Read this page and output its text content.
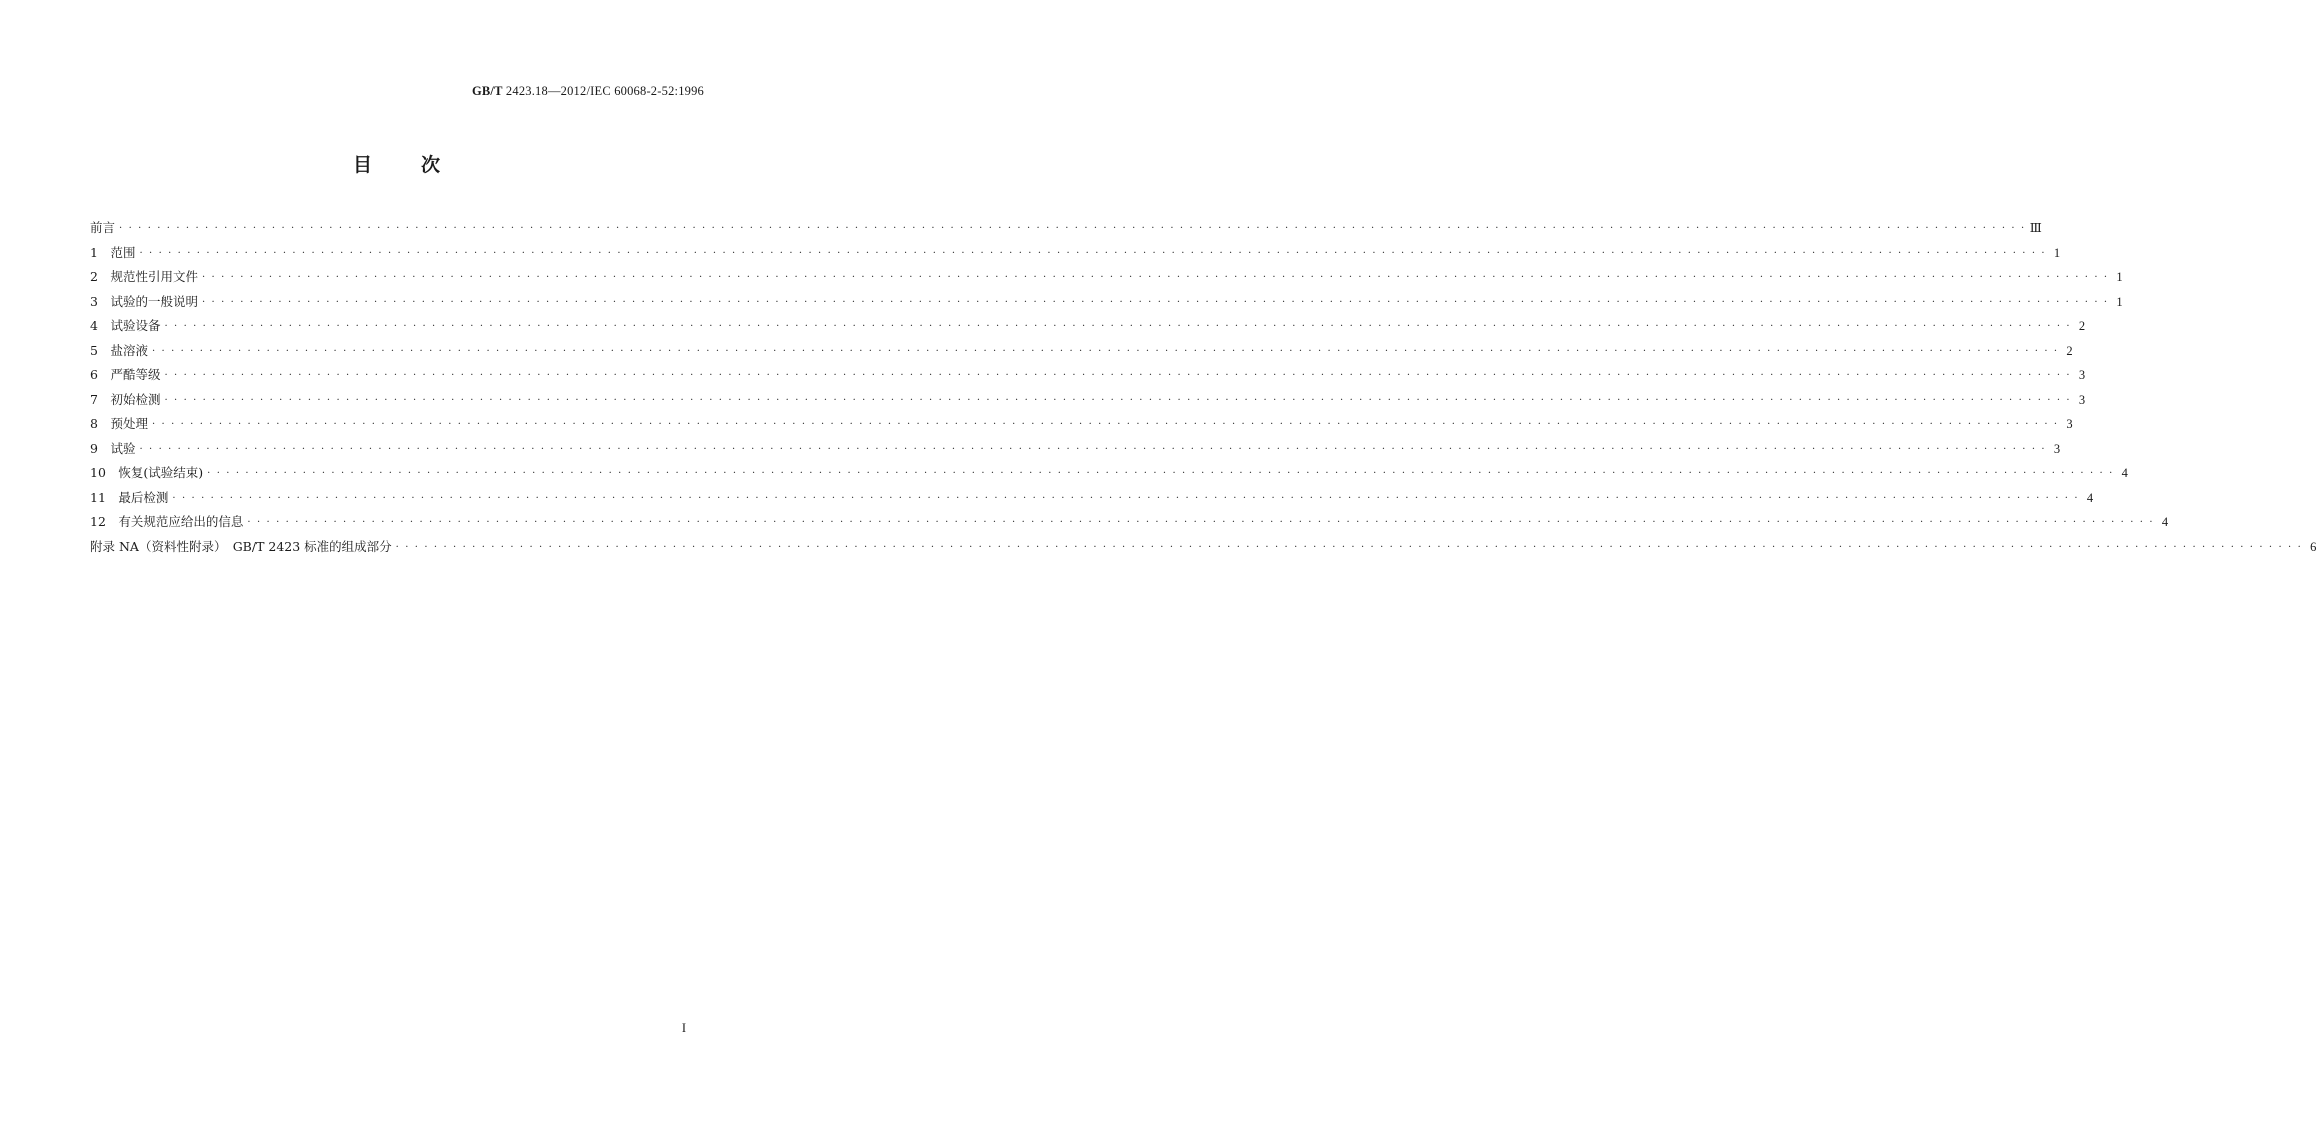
GB/T 2423.18—2012/IEC 60068-2-52:1996
目	次
前言 · · · · · · · · · · · · · · · · · · · · · · · · · · · · · · · · · · · · · · · · · · · · · · · · · · · · · · · · · · · · · · · · · · · · · · · · · · · · · · · · · · · · · · · · · · · · · · · · · · · · · · · · · · · · · · · · · · · · · · · · · · · · · · · · · · · · · · · · · · · · · · · · · · · · · · · · · · · · · · · · · · · · · · · · · · · · · · · · · · · · · · · · · · · · · · · · · · · · · · · · Ⅲ
1　范围 · · · · · · · · · · · · · · · · · · · · · · · · · · · · · · · · · · · · · · · · · · · · · · · · · · · · · · · · · · · · · · · · · · · · · · · · · · · · · · · · · · · · · · · · · · · · · · · · · · · · · · · · · · · · · · · · · · · · · · · · · · · · · · · · · · · · · · · · · · · · · · · · · · · · · · · · · · · · · · · · · · · · · · · · · · · · · · · · · · · · · · · · · · · · · · · · · · · · · · · · 1
2　规范性引用文件 · · · · · · · · · · · · · · · · · · · · · · · · · · · · · · · · · · · · · · · · · · · · · · · · · · · · · · · · · · · · · · · · · · · · · · · · · · · · · · · · · · · · · · · · · · · · · · · · · · · · · · · · · · · · · · · · · · · · · · · · · · · · · · · · · · · · · · · · · · · · · · · · · · · · · · · · · · · · · · · · · · · · · · · · · · · · · · · · · · · · · · · · · · · · · · · · · · · · · · · · 1
3　试验的一般说明 · · · · · · · · · · · · · · · · · · · · · · · · · · · · · · · · · · · · · · · · · · · · · · · · · · · · · · · · · · · · · · · · · · · · · · · · · · · · · · · · · · · · · · · · · · · · · · · · · · · · · · · · · · · · · · · · · · · · · · · · · · · · · · · · · · · · · · · · · · · · · · · · · · · · · · · · · · · · · · · · · · · · · · · · · · · · · · · · · · · · · · · · · · · · · · · · · · · · · · · · 1
4　试验设备 · · · · · · · · · · · · · · · · · · · · · · · · · · · · · · · · · · · · · · · · · · · · · · · · · · · · · · · · · · · · · · · · · · · · · · · · · · · · · · · · · · · · · · · · · · · · · · · · · · · · · · · · · · · · · · · · · · · · · · · · · · · · · · · · · · · · · · · · · · · · · · · · · · · · · · · · · · · · · · · · · · · · · · · · · · · · · · · · · · · · · · · · · · · · · · · · · · · · · · · · 2
5　盐溶液 · · · · · · · · · · · · · · · · · · · · · · · · · · · · · · · · · · · · · · · · · · · · · · · · · · · · · · · · · · · · · · · · · · · · · · · · · · · · · · · · · · · · · · · · · · · · · · · · · · · · · · · · · · · · · · · · · · · · · · · · · · · · · · · · · · · · · · · · · · · · · · · · · · · · · · · · · · · · · · · · · · · · · · · · · · · · · · · · · · · · · · · · · · · · · · · · · · · · · · · · 2
6　严酷等级 · · · · · · · · · · · · · · · · · · · · · · · · · · · · · · · · · · · · · · · · · · · · · · · · · · · · · · · · · · · · · · · · · · · · · · · · · · · · · · · · · · · · · · · · · · · · · · · · · · · · · · · · · · · · · · · · · · · · · · · · · · · · · · · · · · · · · · · · · · · · · · · · · · · · · · · · · · · · · · · · · · · · · · · · · · · · · · · · · · · · · · · · · · · · · · · · · · · · · · · · 3
7　初始检测 · · · · · · · · · · · · · · · · · · · · · · · · · · · · · · · · · · · · · · · · · · · · · · · · · · · · · · · · · · · · · · · · · · · · · · · · · · · · · · · · · · · · · · · · · · · · · · · · · · · · · · · · · · · · · · · · · · · · · · · · · · · · · · · · · · · · · · · · · · · · · · · · · · · · · · · · · · · · · · · · · · · · · · · · · · · · · · · · · · · · · · · · · · · · · · · · · · · · · · · · 3
8　预处理 · · · · · · · · · · · · · · · · · · · · · · · · · · · · · · · · · · · · · · · · · · · · · · · · · · · · · · · · · · · · · · · · · · · · · · · · · · · · · · · · · · · · · · · · · · · · · · · · · · · · · · · · · · · · · · · · · · · · · · · · · · · · · · · · · · · · · · · · · · · · · · · · · · · · · · · · · · · · · · · · · · · · · · · · · · · · · · · · · · · · · · · · · · · · · · · · · · · · · · · · 3
9　试验 · · · · · · · · · · · · · · · · · · · · · · · · · · · · · · · · · · · · · · · · · · · · · · · · · · · · · · · · · · · · · · · · · · · · · · · · · · · · · · · · · · · · · · · · · · · · · · · · · · · · · · · · · · · · · · · · · · · · · · · · · · · · · · · · · · · · · · · · · · · · · · · · · · · · · · · · · · · · · · · · · · · · · · · · · · · · · · · · · · · · · · · · · · · · · · · · · · · · · · · · 3
10　恢复(试验结束) · · · · · · · · · · · · · · · · · · · · · · · · · · · · · · · · · · · · · · · · · · · · · · · · · · · · · · · · · · · · · · · · · · · · · · · · · · · · · · · · · · · · · · · · · · · · · · · · · · · · · · · · · · · · · · · · · · · · · · · · · · · · · · · · · · · · · · · · · · · · · · · · · · · · · · · · · · · · · · · · · · · · · · · · · · · · · · · · · · · · · · · · · · · · · · · · · · · · · · · · 4
11　最后检测 · · · · · · · · · · · · · · · · · · · · · · · · · · · · · · · · · · · · · · · · · · · · · · · · · · · · · · · · · · · · · · · · · · · · · · · · · · · · · · · · · · · · · · · · · · · · · · · · · · · · · · · · · · · · · · · · · · · · · · · · · · · · · · · · · · · · · · · · · · · · · · · · · · · · · · · · · · · · · · · · · · · · · · · · · · · · · · · · · · · · · · · · · · · · · · · · · · · · · · · · 4
12　有关规范应给出的信息 · · · · · · · · · · · · · · · · · · · · · · · · · · · · · · · · · · · · · · · · · · · · · · · · · · · · · · · · · · · · · · · · · · · · · · · · · · · · · · · · · · · · · · · · · · · · · · · · · · · · · · · · · · · · · · · · · · · · · · · · · · · · · · · · · · · · · · · · · · · · · · · · · · · · · · · · · · · · · · · · · · · · · · · · · · · · · · · · · · · · · · · · · · · · · · · · · · · · · · · · 4
附录 NA（资料性附录）　GB/T 2423 标准的组成部分 · · · · · · · · · · · · · · · · · · · · · · · · · · · · · · · · · · · · · · · · · · · · · · · · · · · · · · · · · · · · · · · · · · · · · · · · · · · · · · · · · · · · · · · · · · · · · · · · · · · · · · · · · · · · · · · · · · · · · · · · · · · · · · · · · · · · · · · · · · · · · · · · · · · · · · · · · · · · · · · · · · · · · · · · · · · · · · · · · · · · · · · · · · · · · · · · · · · · · · · · 6
I
